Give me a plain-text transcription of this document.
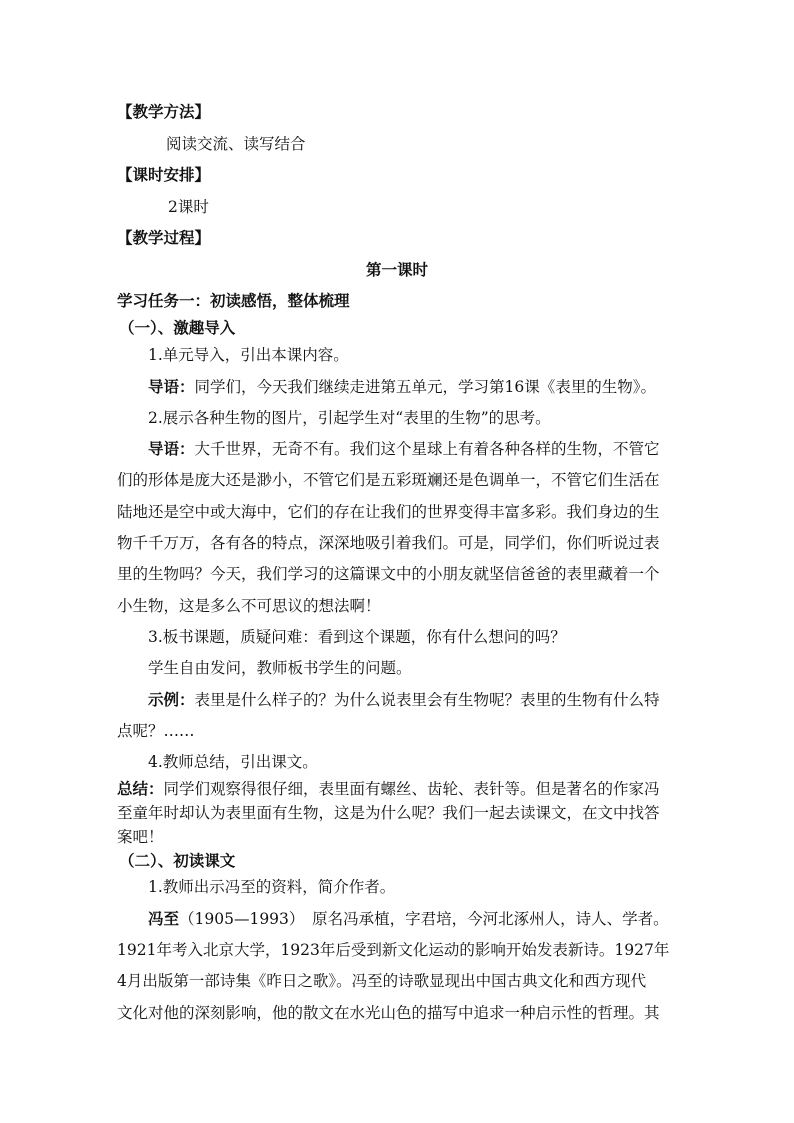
【教学方法】
阅读交流、读写结合
【课时安排】
2课时
【教学过程】
第一课时
学习任务一：初读感悟，整体梳理
（一）、激趣导入
1.单元导入，引出本课内容。
导语：同学们，今天我们继续走进第五单元，学习第16课《表里的生物》。
2.展示各种生物的图片，引起学生对“表里的生物”的思考。
导语：大千世界，无奇不有。我们这个星球上有着各种各样的生物，不管它
们的形体是庞大还是渺小，不管它们是五彩斑斓还是色调单一，不管它们生活在
陆地还是空中或大海中，它们的存在让我们的世界变得丰富多彩。我们身边的生
物千千万万，各有各的特点，深深地吸引着我们。可是，同学们，你们听说过表
里的生物吗？今天，我们学习的这篇课文中的小朋友就坚信爸爸的表里藏着一个
小生物，这是多么不可思议的想法啊！
3.板书课题，质疑问难：看到这个课题，你有什么想问的吗？
学生自由发问，教师板书学生的问题。
示例：表里是什么样子的？为什么说表里会有生物呢？表里的生物有什么特
点呢？……
4.教师总结，引出课文。
总结：同学们观察得很仔细，表里面有螺丝、齿轮、表针等。但是著名的作家冯
至童年时却认为表里面有生物，这是为什么呢？我们一起去读课文，在文中找答
案吧！
（二）、初读课文
1.教师出示冯至的资料，简介作者。
冯至（1905—1993）　原名冯承植，字君培，今河北涿州人，诗人、学者。
1921年考入北京大学，1923年后受到新文化运动的影响开始发表新诗。1927年
4月出版第一部诗集《昨日之歌》。冯至的诗歌显现出中国古典文化和西方现代
文化对他的深刻影响，他的散文在水光山色的描写中追求一种启示性的哲理。其
